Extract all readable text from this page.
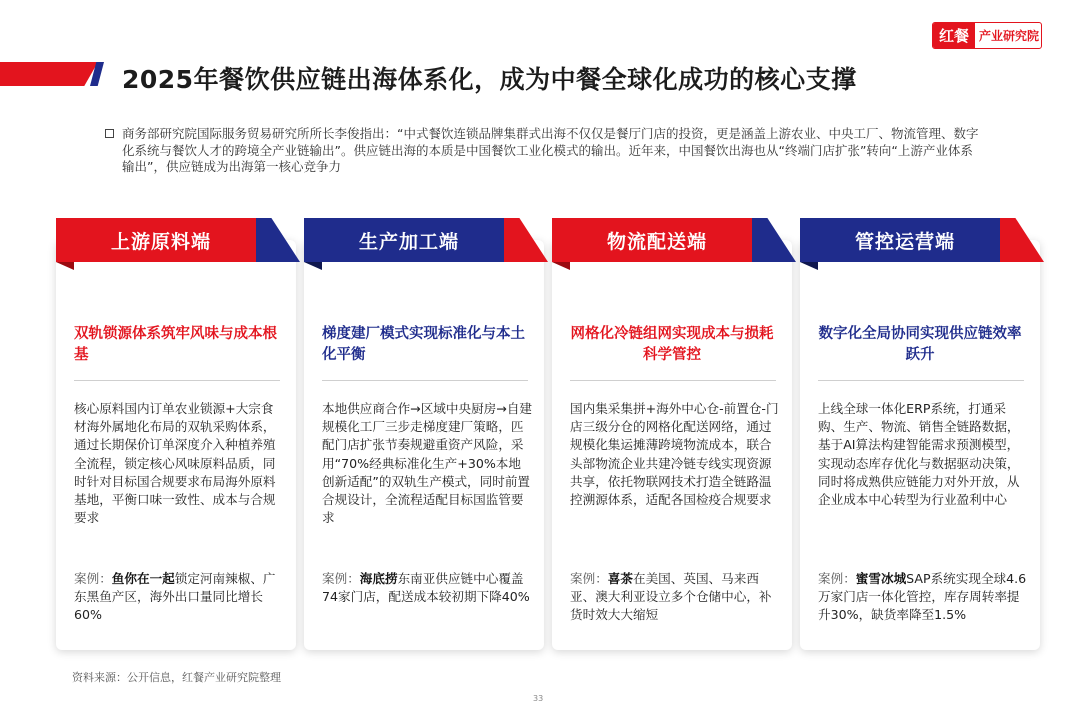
2025年餐饮供应链出海体系化，成为中餐全球化成功的核心支撑
红餐 产业研究院
商务部研究院国际服务贸易研究所所长李俊指出：“中式餐饮连锁品牌集群式出海不仅仅是餐厅门店的投资，更是涵盖上游农业、中央工厂、物流管理、数字化系统与餐饮人才的跨境全产业链输出”。供应链出海的本质是中国餐饮工业化模式的输出。近年来，中国餐饮出海也从“终端门店扩张”转向“上游产业体系输出”，供应链成为出海第一核心竞争力
双轨锁源体系筑牢风味与成本根基
核心原料国内订单农业锁源+大宗食材海外属地化布局的双轨采购体系，通过长期保价订单深度介入种植养殖全流程，锁定核心风味原料品质，同时针对目标国合规要求布局海外原料基地，平衡口味一致性、成本与合规要求
案例：鱼你在一起锁定河南辣椒、广东黑鱼产区，海外出口量同比增长60%
上游原料端
梯度建厂模式实现标准化与本土化平衡
本地供应商合作→区域中央厨房→自建规模化工厂三步走梯度建厂策略，匹配门店扩张节奏规避重资产风险，采用“70%经典标准化生产+30%本地创新适配”的双轨生产模式，同时前置合规设计，全流程适配目标国监管要求
案例：海底捞东南亚供应链中心覆盖74家门店，配送成本较初期下降40%
生产加工端
网格化冷链组网实现成本与损耗科学管控
国内集采集拼+海外中心仓-前置仓-门店三级分仓的网格化配送网络，通过规模化集运摊薄跨境物流成本，联合头部物流企业共建冷链专线实现资源共享，依托物联网技术打造全链路温控溯源体系，适配各国检疫合规要求
案例：喜茶在美国、英国、马来西亚、澳大利亚设立多个仓储中心，补货时效大大缩短
物流配送端
数字化全局协同实现供应链效率跃升
上线全球一体化ERP系统，打通采购、生产、物流、销售全链路数据，基于AI算法构建智能需求预测模型，实现动态库存优化与数据驱动决策，同时将成熟供应链能力对外开放，从企业成本中心转型为行业盈利中心
案例：蜜雪冰城SAP系统实现全球4.6万家门店一体化管控，库存周转率提升30%，缺货率降至1.5%
管控运营端
资料来源：公开信息，红餐产业研究院整理
33
